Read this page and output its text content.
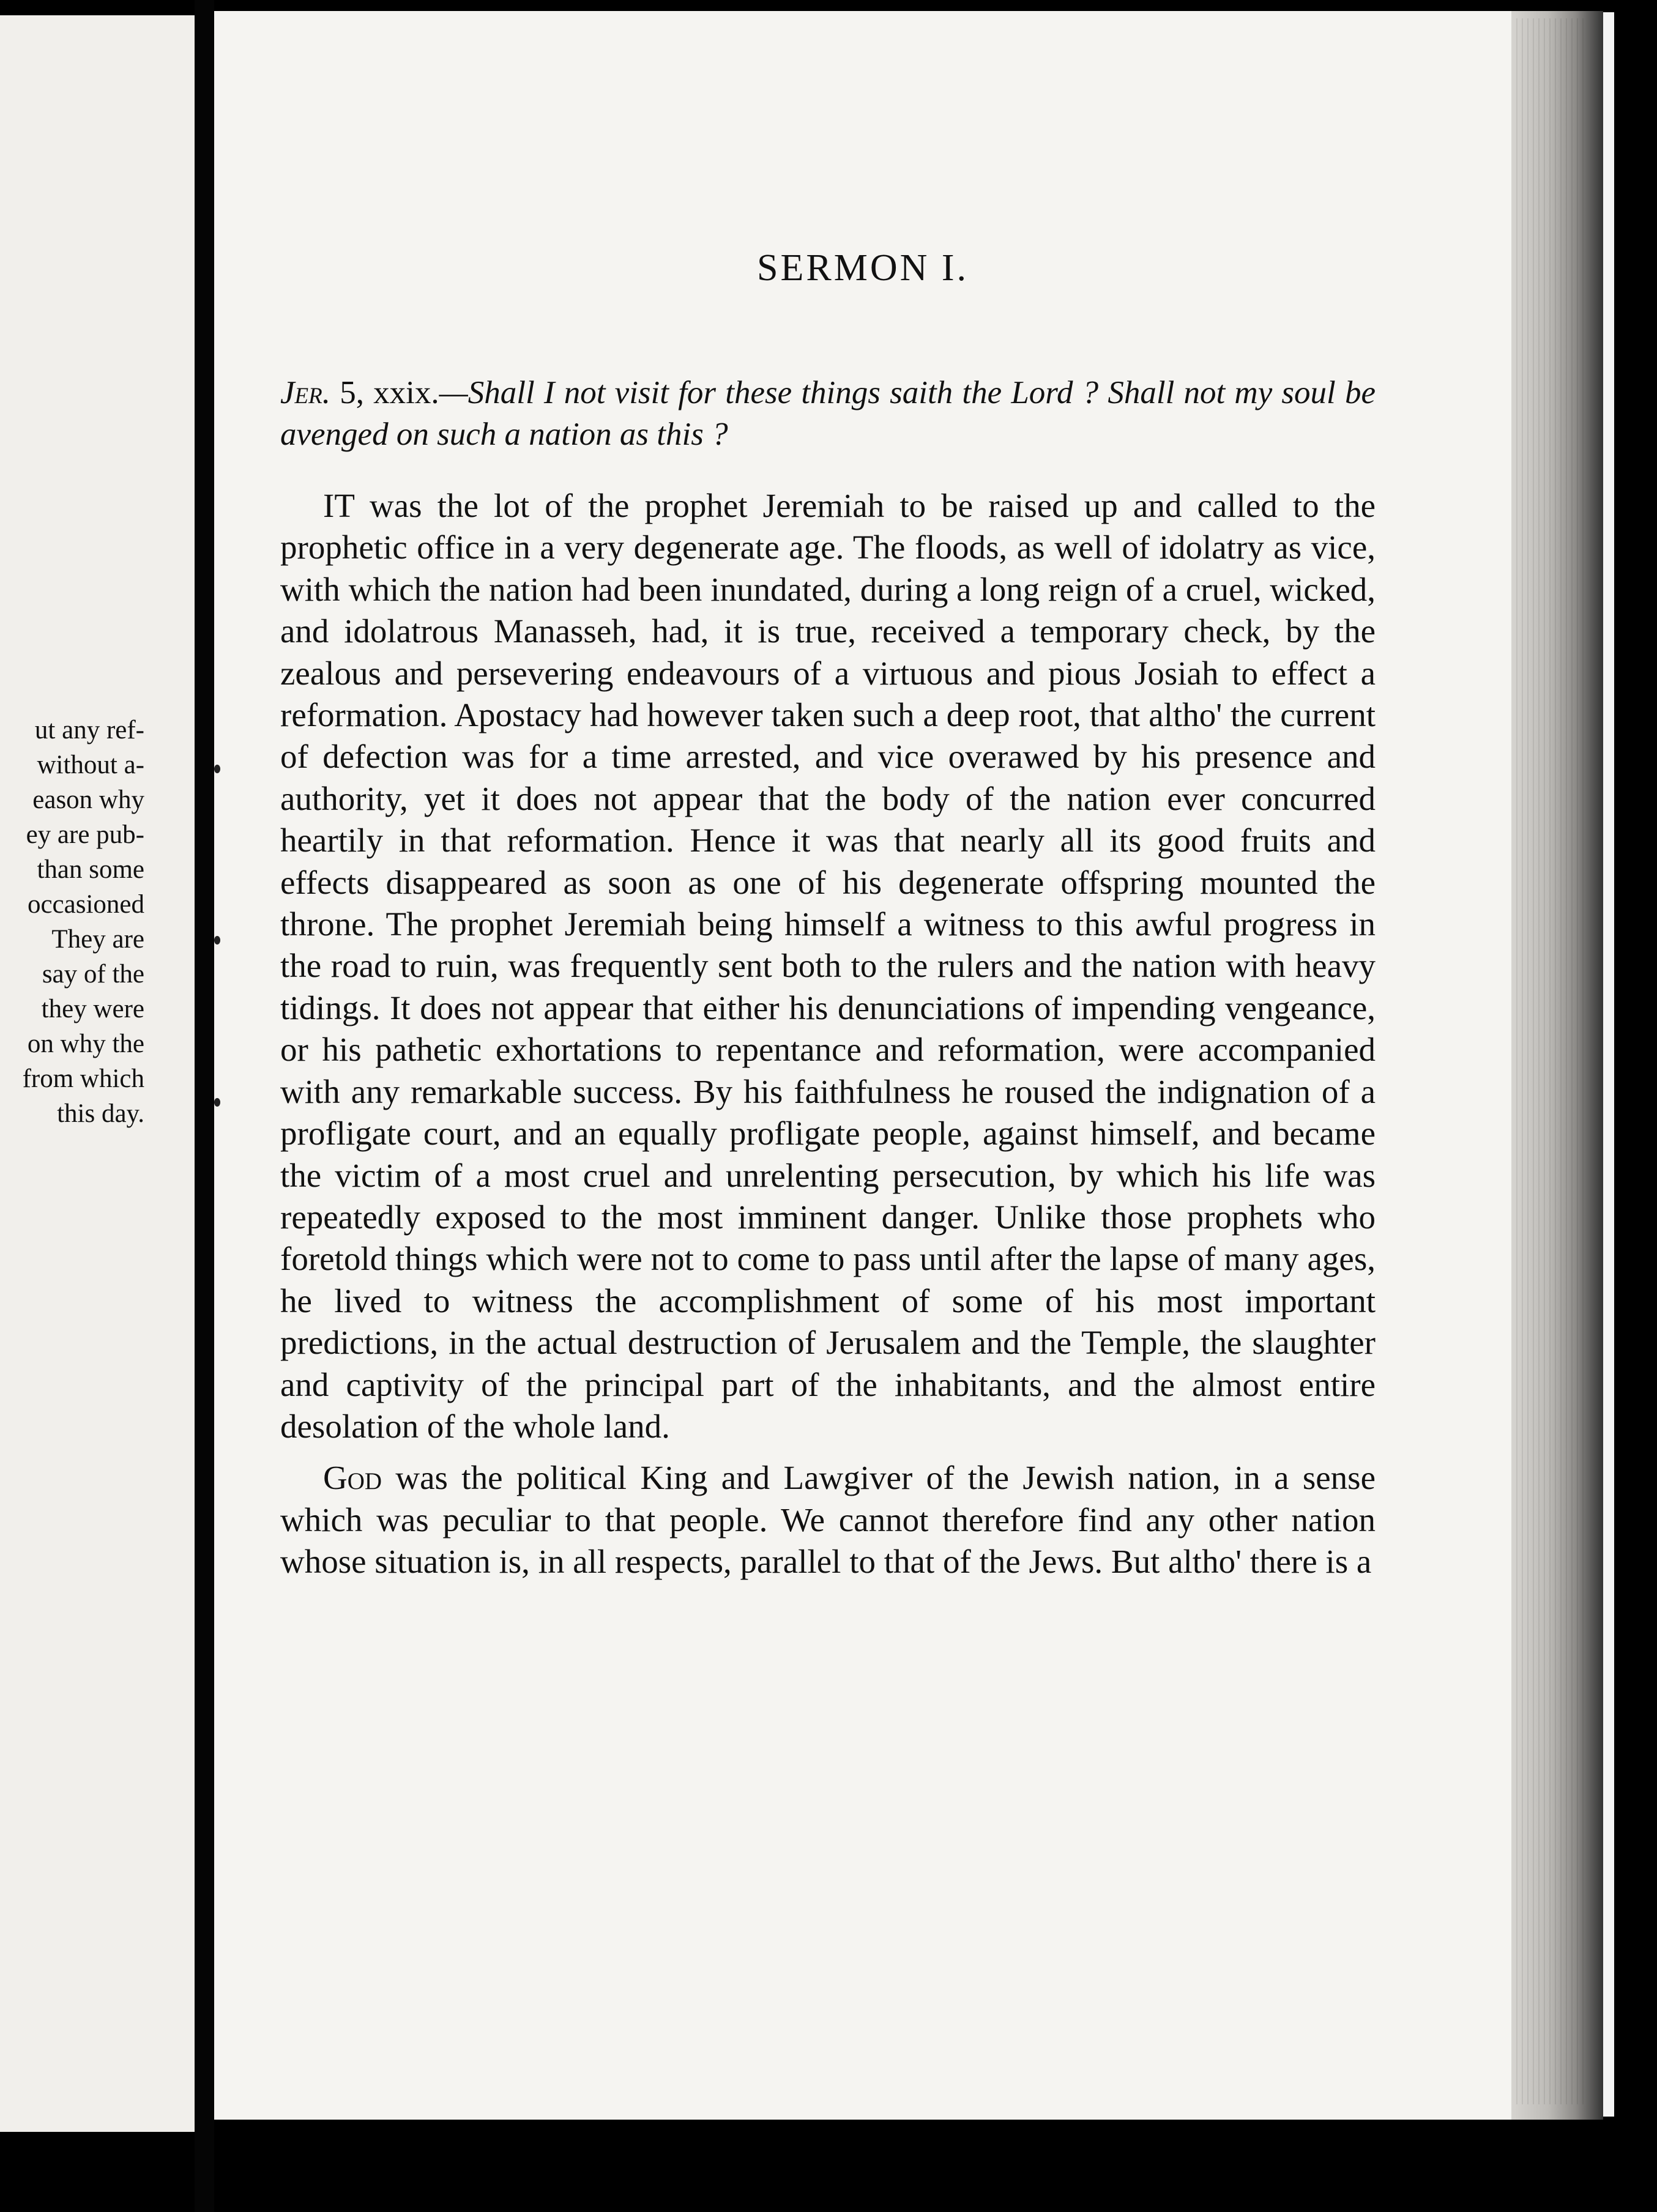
ut any ref-
without a-
eason why
ey are pub-
than some
occasioned
They are
say of the
they were
on why the
from which
this day.
SERMON I.
Jer. 5, xxix.—Shall I not visit for these things saith the Lord ? Shall not my soul be avenged on such a nation as this ?

IT was the lot of the prophet Jeremiah to be raised up and called to the prophetic office in a very degenerate age. The floods, as well of idolatry as vice, with which the nation had been inundated, during a long reign of a cruel, wicked, and idolatrous Manasseh, had, it is true, received a temporary check, by the zealous and persevering endeavours of a virtuous and pious Josiah to effect a reformation. Apostacy had however taken such a deep root, that altho' the current of defection was for a time arrested, and vice overawed by his presence and authority, yet it does not appear that the body of the nation ever concurred heartily in that reformation. Hence it was that nearly all its good fruits and effects disappeared as soon as one of his degenerate offspring mounted the throne. The prophet Jeremiah being himself a witness to this awful progress in the road to ruin, was frequently sent both to the rulers and the nation with heavy tidings. It does not appear that either his denunciations of impending vengeance, or his pathetic exhortations to repentance and reformation, were accompanied with any remarkable success. By his faithfulness he roused the indignation of a profligate court, and an equally profligate people, against himself, and became the victim of a most cruel and unrelenting persecution, by which his life was repeatedly exposed to the most imminent danger. Unlike those prophets who foretold things which were not to come to pass until after the lapse of many ages, he lived to witness the accomplishment of some of his most important predictions, in the actual destruction of Jerusalem and the Temple, the slaughter and captivity of the principal part of the inhabitants, and the almost entire desolation of the whole land.

God was the political King and Lawgiver of the Jewish nation, in a sense which was peculiar to that people. We cannot therefore find any other nation whose situation is, in all respects, parallel to that of the Jews. But altho' there is a
